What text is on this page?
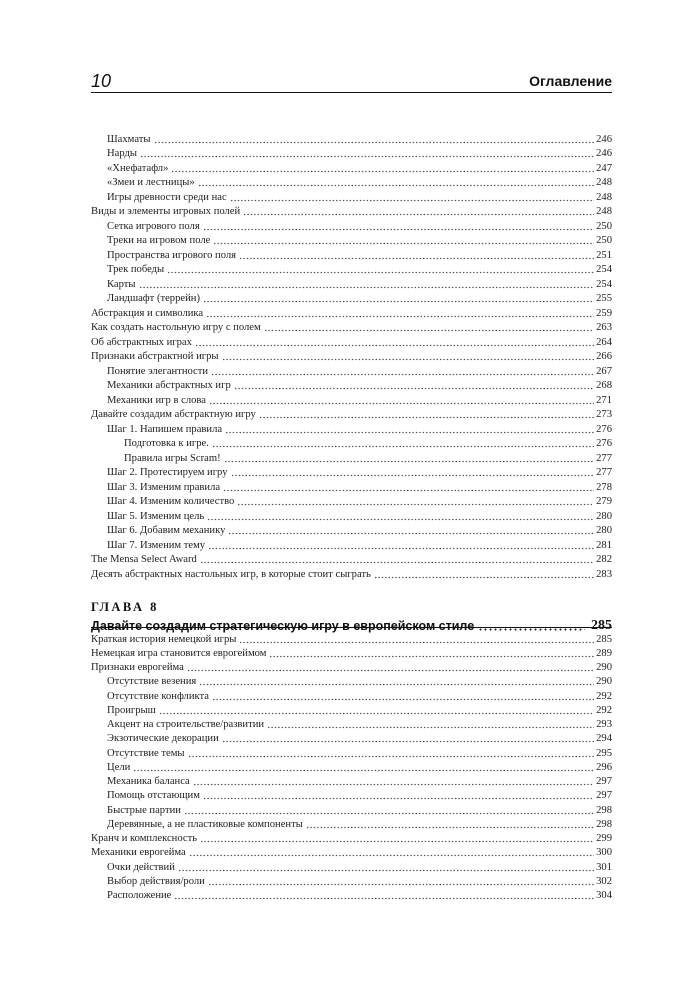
10	Оглавление
Шахматы	246
Нарды	246
«Хнефатафл»	247
«Змеи и лестницы»	248
Игры древности среди нас	248
Виды и элементы игровых полей	248
Сетка игрового поля	250
Треки на игровом поле	250
Пространства игрового поля	251
Трек победы	254
Карты	254
Ландшафт (террейн)	255
Абстракция и символика	259
Как создать настольную игру с полем	263
Об абстрактных играх	264
Признаки абстрактной игры	266
Понятие элегантности	267
Механики абстрактных игр	268
Механики игр в слова	271
Давайте создадим абстрактную игру	273
Шаг 1. Напишем правила	276
Подготовка к игре.	276
Правила игры Scram!	277
Шаг 2. Протестируем игру	277
Шаг 3. Изменим правила	278
Шаг 4. Изменим количество	279
Шаг 5. Изменим цель	280
Шаг 6. Добавим механику	280
Шаг 7. Изменим тему	281
The Mensa Select Award	282
Десять абстрактных настольных игр, в которые стоит сыграть	283
ГЛАВА 8
Давайте создадим стратегическую игру в европейском стиле	285
Краткая история немецкой игры	285
Немецкая игра становится еврогеймом	289
Признаки еврогейма	290
Отсутствие везения	290
Отсутствие конфликта	292
Проигрыш	292
Акцент на строительстве/развитии	293
Экзотические декорации	294
Отсутствие темы	295
Цели	296
Механика баланса	297
Помощь отстающим	297
Быстрые партии	298
Деревянные, а не пластиковые компоненты	298
Кранч и комплексность	299
Механики еврогейма	300
Очки действий	301
Выбор действия/роли	302
Расположение	304
